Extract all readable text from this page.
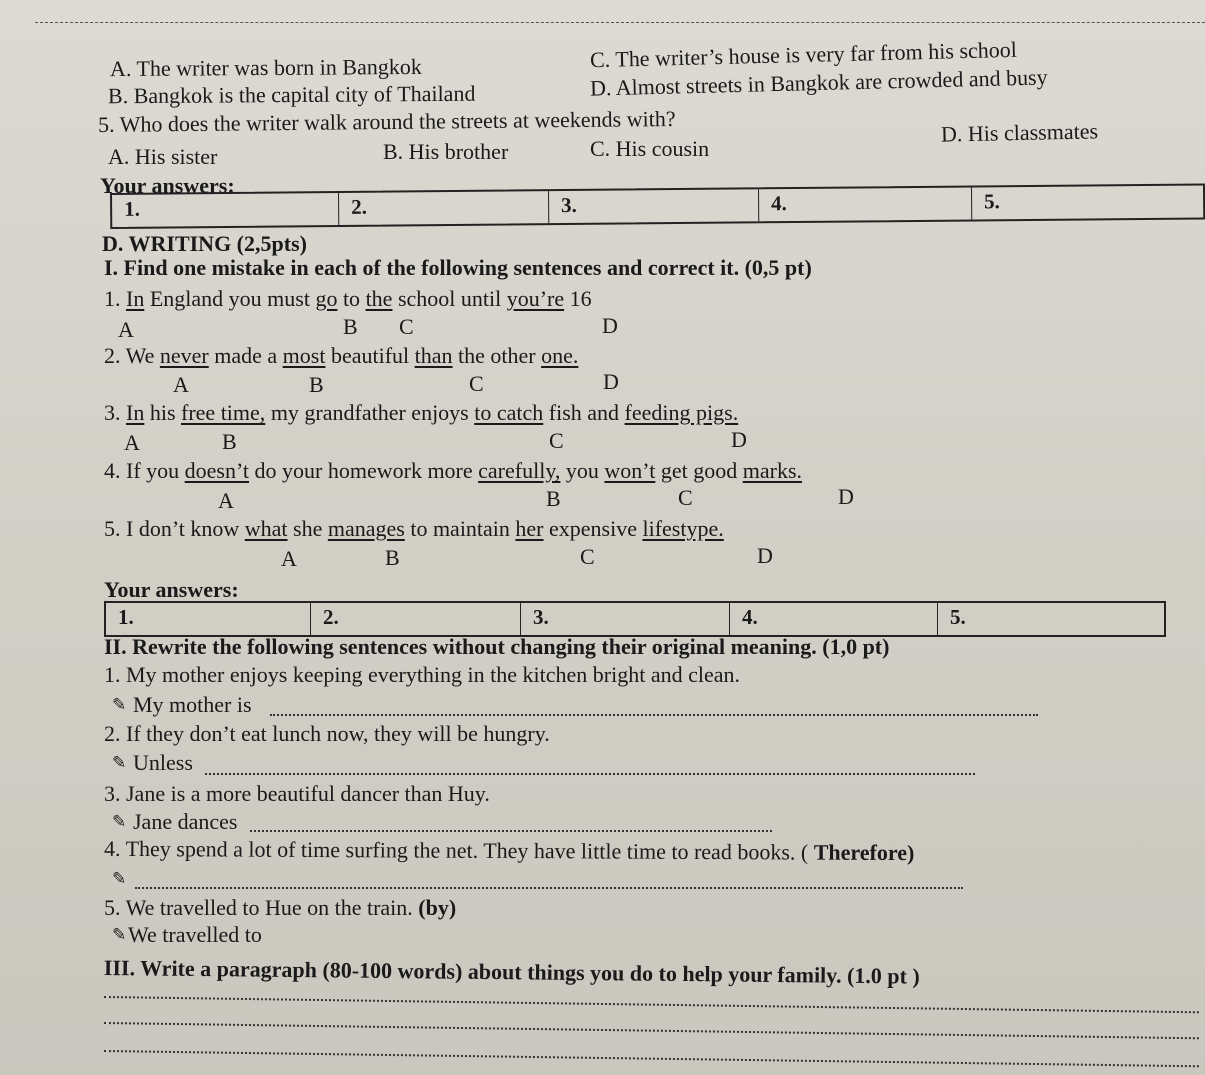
A. The writer was born in Bangkok	C. The writer’s house is very far from his school
B. Bangkok is the capital city of Thailand	D. Almost streets in Bangkok are crowded and busy
5. Who does the writer walk around the streets at weekends with?
A. His sister	B. His brother	C. His cousin
D. His classmates
Your answers:
1.	2.	3.	4.	5.
D. WRITING (2,5pts)
I. Find one mistake in each of the following sentences and correct it. (0,5 pt)
1. In England you must go to the school until you’re 16
A	B C	D
2. We never made a most beautiful than the other one.
A	B	C	D
3. In his free time, my grandfather enjoys to catch fish and feeding pigs.
A	B	C	D
4. If you doesn’t do your homework more carefully, you won’t get good marks.
A	B	C	D
5. I don’t know what she manages to maintain her expensive lifestype.
A	B	C	D
Your answers:
1.	2.	3.	4.	5.
II. Rewrite the following sentences without changing their original meaning. (1,0 pt)
1. My mother enjoys keeping everything in the kitchen bright and clean.
✎ My mother is
2. If they don’t eat lunch now, they will be hungry.
✎ Unless
3. Jane is a more beautiful dancer than Huy.
✎ Jane dances
4. They spend a lot of time surfing the net. They have little time to read books. ( Therefore)
✎
5. We travelled to Hue on the train. (by)
✎ We travelled to
III. Write a paragraph (80-100 words) about things you do to help your family. (1.0 pt )
